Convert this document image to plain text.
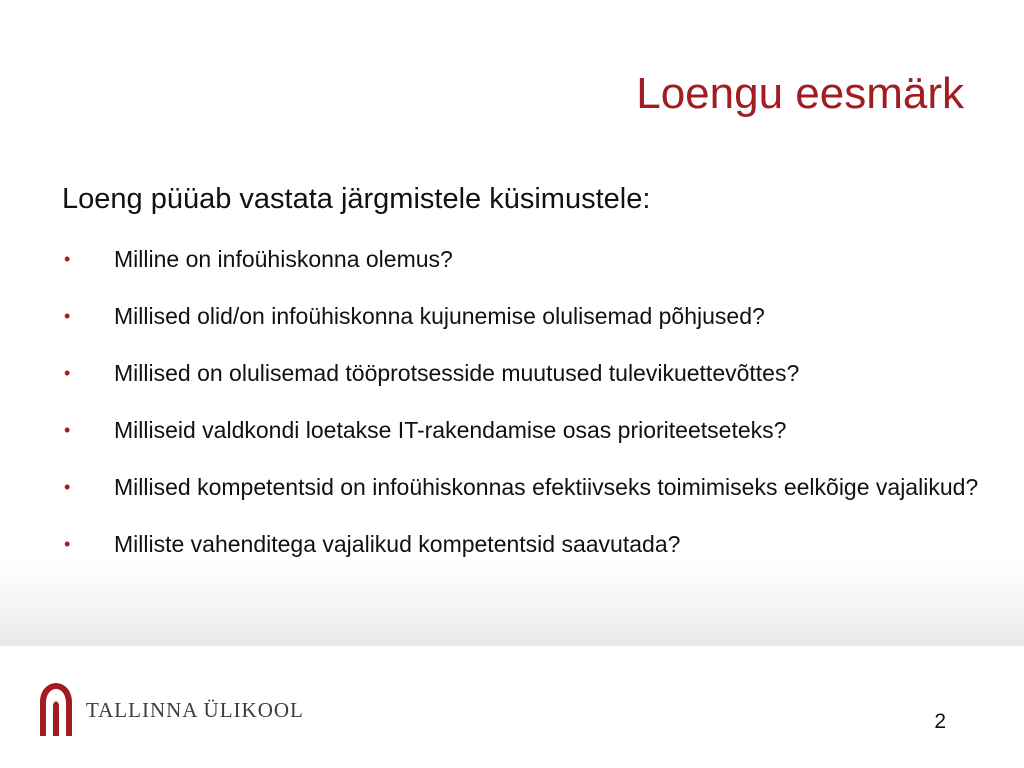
Loengu eesmärk

Loeng püüab vastata järgmistele küsimustele:

• Milline on infoühiskonna olemus?
• Millised olid/on infoühiskonna kujunemise olulisemad põhjused?
• Millised on olulisemad tööprotsesside muutused tulevikuettevõttes?
• Milliseid valdkondi loetakse IT-rakendamise osas prioriteetseteks?
• Millised kompetentsid on infoühiskonnas efektiivseks toimimiseks eelkõige vajalikud?
• Milliste vahenditega vajalikud kompetentsid saavutada?
TALLINNA ÜLIKOOL	2
